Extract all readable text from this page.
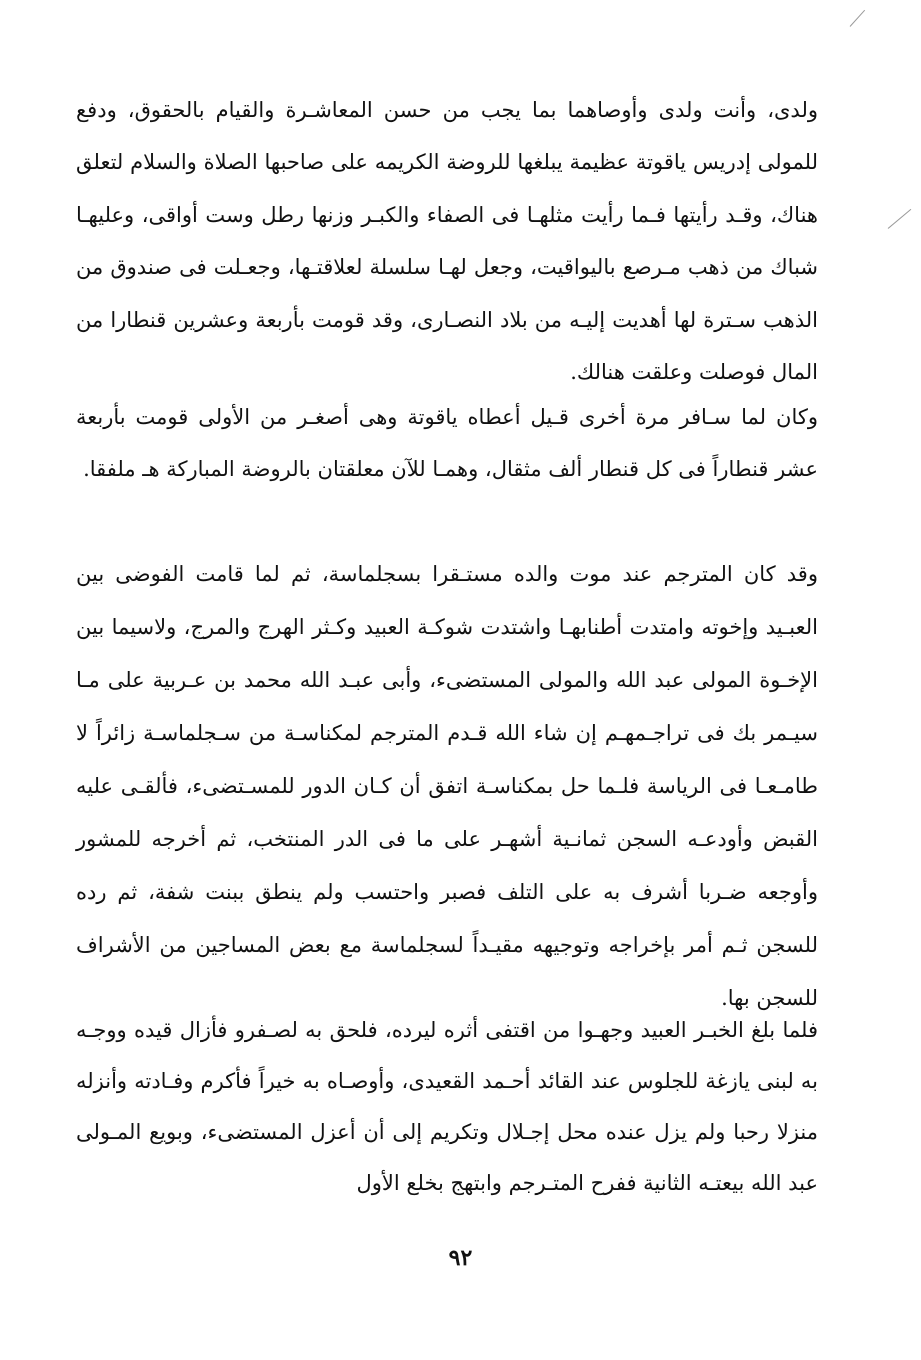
ولدى، وأنت ولدى وأوصاهما بما يجب من حسن المعاشـرة والقيام بالحقوق، ودفع للمولى إدريس ياقوتة عظيمة يبلغها للروضة الكريمه على صاحبها الصلاة والسلام لتعلق هناك، وقـد رأيتها فـما رأيت مثلهـا فى الصفاء والكبـر وزنها رطل وست أواقى، وعليهـا شباك من ذهب مـرصع باليواقيت، وجعل لهـا سلسلة لعلاقتـها، وجعـلت فى صندوق من الذهب سـترة لها أهديت إليـه من بلاد النصـارى، وقد قومت بأربعة وعشرين قنطارا من المال فوصلت وعلقت هنالك.

وكان لما سـافر مرة أخرى قـيل أعطاه ياقوتة وهى أصغـر من الأولى قومت بأربعة عشر قنطاراً فى كل قنطار ألف مثقال، وهمـا للآن معلقتان بالروضة المباركة هـ ملفقا.

وقد كان المترجم عند موت والده مستـقرا بسجلماسة، ثم لما قامت الفوضى بين العبـيد وإخوته وامتدت أطنابهـا واشتدت شوكـة العبيد وكـثر الهرج والمرج، ولاسيما بين الإخـوة المولى عبد الله والمولى المستضىء، وأبى عبـد الله محمد بن عـربية على مـا سيـمر بك فى تراجـمهـم إن شاء الله قـدم المترجم لمكناسـة من سـجلماسـة زائراً لا طامـعـا فى الرياسة فلـما حل بمكناسـة اتفق أن كـان الدور للمسـتضىء، فألقـى عليه القبض وأودعـه السجن ثمانـية أشهـر على ما فى الدر المنتخب، ثم أخرجه للمشور وأوجعه ضـربا أشرف به على التلف فصبر واحتسب ولم ينطق ببنت شفة، ثم رده للسجن ثـم أمر بإخراجه وتوجيهه مقيـداً لسجلماسة مع بعض المساجين من الأشراف للسجن بها.

فلما بلغ الخبـر العبيد وجهـوا من اقتفى أثره ليرده، فلحق به لصـفرو فأزال قيده ووجـه به لبنى يازغة للجلوس عند القائد أحـمد القعيدى، وأوصـاه به خيراً فأكرم وفـادته وأنزله منزلا رحبا ولم يزل عنده محل إجـلال وتكريم إلى أن أعزل المستضىء، وبويع المـولى عبد الله بيعتـه الثانية ففرح المتـرجم وابتهج بخلع الأول

٩٢
